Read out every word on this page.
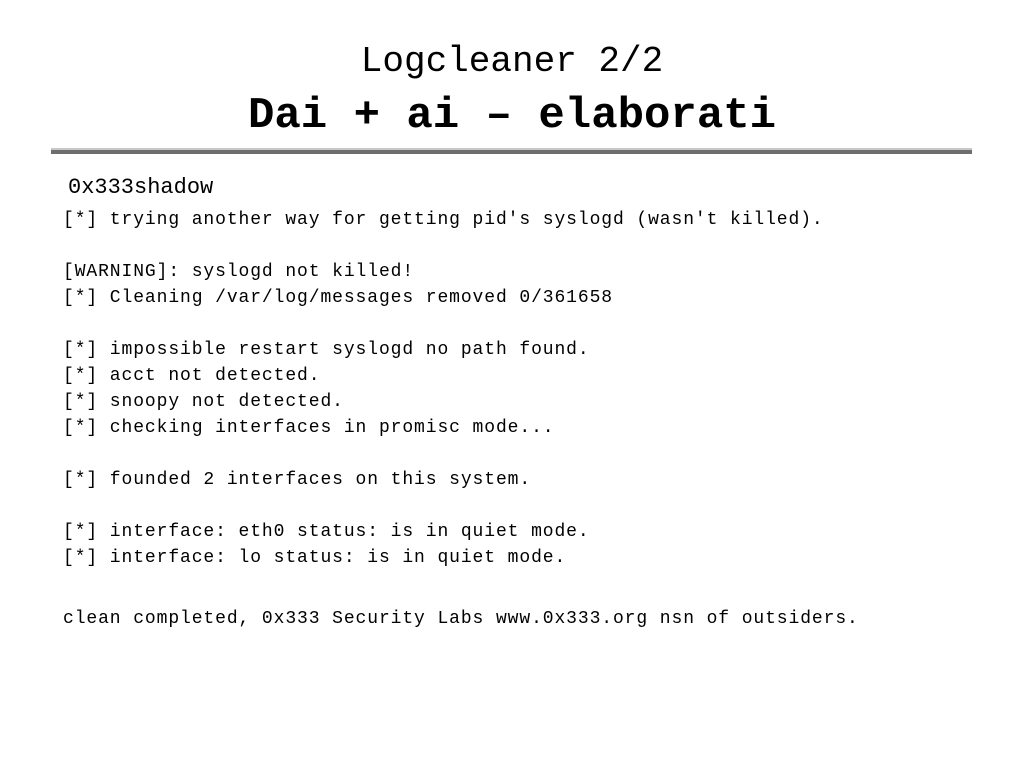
Logcleaner 2/2
Dai + ai – elaborati
0x333shadow
[*] trying another way for getting pid's syslogd (wasn't killed).
[WARNING]: syslogd not killed!
[*] Cleaning /var/log/messages removed 0/361658
[*] impossible restart syslogd no path found.
[*] acct not detected.
[*] snoopy not detected.
[*] checking interfaces in promisc mode...
[*] founded 2 interfaces on this system.
[*] interface: eth0 status: is in quiet mode.
[*] interface: lo status: is in quiet mode.
clean completed, 0x333 Security Labs www.0x333.org nsn of outsiders.
